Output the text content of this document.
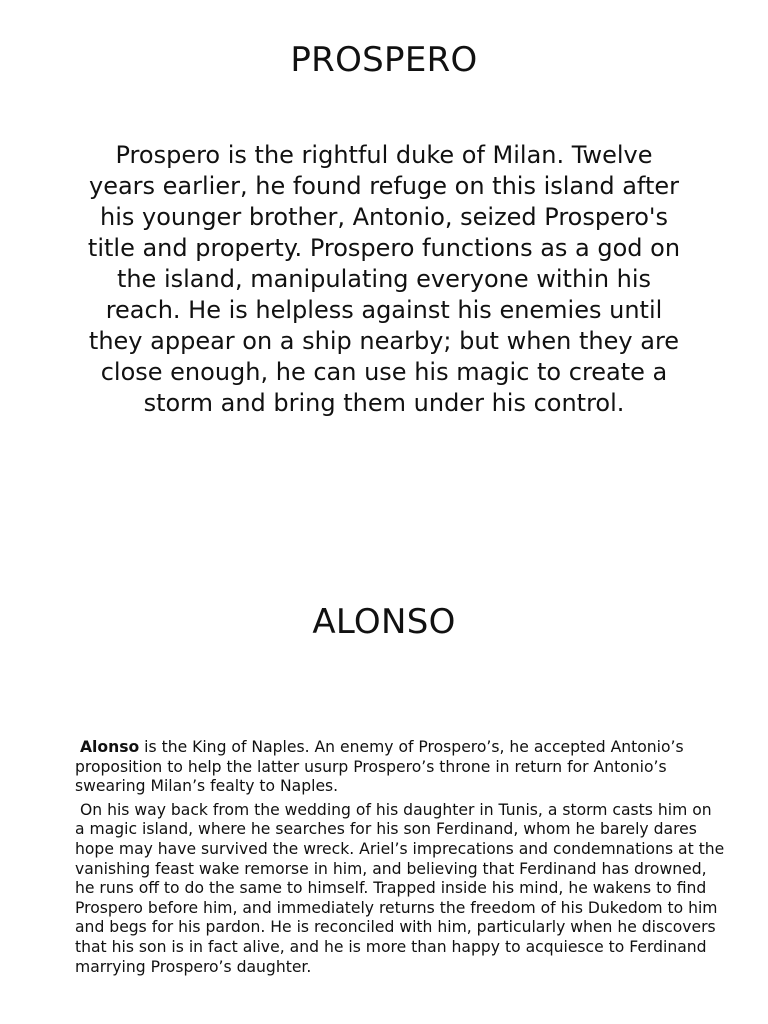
PROSPERO

Prospero is the rightful duke of Milan. Twelve years earlier, he found refuge on this island after his younger brother, Antonio, seized Prospero's title and property. Prospero functions as a god on the island, manipulating everyone within his reach. He is helpless against his enemies until they appear on a ship nearby; but when they are close enough, he can use his magic to create a storm and bring them under his control.

ALONSO

Alonso is the King of Naples. An enemy of Prospero’s, he accepted Antonio’s proposition to help the latter usurp Prospero’s throne in return for Antonio’s swearing Milan’s fealty to Naples.

On his way back from the wedding of his daughter in Tunis, a storm casts him on a magic island, where he searches for his son Ferdinand, whom he barely dares hope may have survived the wreck. Ariel’s imprecations and condemnations at the vanishing feast wake remorse in him, and believing that Ferdinand has drowned, he runs off to do the same to himself. Trapped inside his mind, he wakens to find Prospero before him, and immediately returns the freedom of his Dukedom to him and begs for his pardon. He is reconciled with him, particularly when he discovers that his son is in fact alive, and he is more than happy to acquiesce to Ferdinand marrying Prospero’s daughter.
